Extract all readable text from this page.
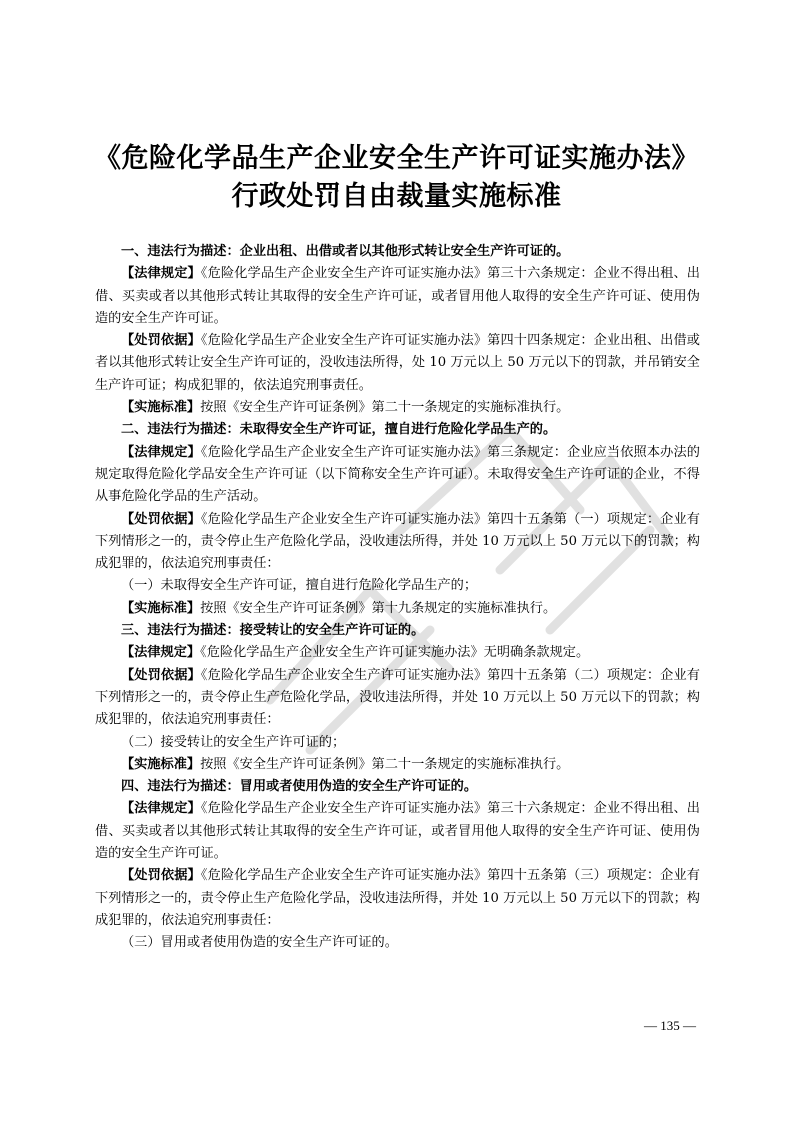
《危险化学品生产企业安全生产许可证实施办法》
行政处罚自由裁量实施标准

一、违法行为描述：企业出租、出借或者以其他形式转让安全生产许可证的。

【法律规定】《危险化学品生产企业安全生产许可证实施办法》第三十六条规定：企业不得出租、出借、买卖或者以其他形式转让其取得的安全生产许可证，或者冒用他人取得的安全生产许可证、使用伪造的安全生产许可证。

【处罚依据】《危险化学品生产企业安全生产许可证实施办法》第四十四条规定：企业出租、出借或者以其他形式转让安全生产许可证的，没收违法所得，处 10 万元以上 50 万元以下的罚款，并吊销安全生产许可证；构成犯罪的，依法追究刑事责任。

【实施标准】按照《安全生产许可证条例》第二十一条规定的实施标准执行。

二、违法行为描述：未取得安全生产许可证，擅自进行危险化学品生产的。

【法律规定】《危险化学品生产企业安全生产许可证实施办法》第三条规定：企业应当依照本办法的规定取得危险化学品安全生产许可证（以下简称安全生产许可证）。未取得安全生产许可证的企业，不得从事危险化学品的生产活动。

【处罚依据】《危险化学品生产企业安全生产许可证实施办法》第四十五条第（一）项规定：企业有下列情形之一的，责令停止生产危险化学品，没收违法所得，并处 10 万元以上 50 万元以下的罚款；构成犯罪的，依法追究刑事责任：

（一）未取得安全生产许可证，擅自进行危险化学品生产的；

【实施标准】按照《安全生产许可证条例》第十九条规定的实施标准执行。

三、违法行为描述：接受转让的安全生产许可证的。

【法律规定】《危险化学品生产企业安全生产许可证实施办法》无明确条款规定。

【处罚依据】《危险化学品生产企业安全生产许可证实施办法》第四十五条第（二）项规定：企业有下列情形之一的，责令停止生产危险化学品，没收违法所得，并处 10 万元以上 50 万元以下的罚款；构成犯罪的，依法追究刑事责任：

（二）接受转让的安全生产许可证的；

【实施标准】按照《安全生产许可证条例》第二十一条规定的实施标准执行。

四、违法行为描述：冒用或者使用伪造的安全生产许可证的。

【法律规定】《危险化学品生产企业安全生产许可证实施办法》第三十六条规定：企业不得出租、出借、买卖或者以其他形式转让其取得的安全生产许可证，或者冒用他人取得的安全生产许可证、使用伪造的安全生产许可证。

【处罚依据】《危险化学品生产企业安全生产许可证实施办法》第四十五条第（三）项规定：企业有下列情形之一的，责令停止生产危险化学品，没收违法所得，并处 10 万元以上 50 万元以下的罚款；构成犯罪的，依法追究刑事责任：

（三）冒用或者使用伪造的安全生产许可证的。

— 135 —
